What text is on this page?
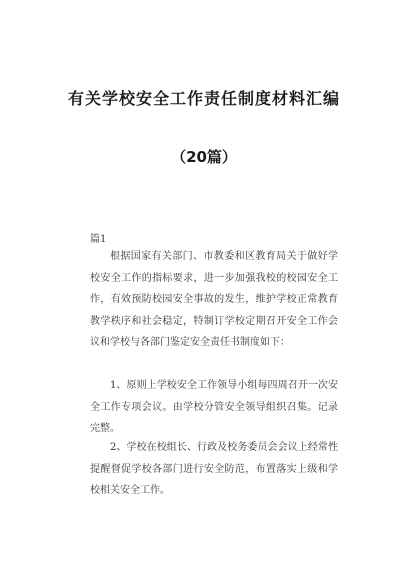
有关学校安全工作责任制度材料汇编
（20篇）
篇1

根据国家有关部门、市教委和区教育局关于做好学校安全工作的指标要求，进一步加强我校的校园安全工作，有效预防校园安全事故的发生，维护学校正常教育教学秩序和社会稳定，特制订学校定期召开安全工作会议和学校与各部门鉴定安全责任书制度如下：

1、原则上学校安全工作领导小组每四周召开一次安全工作专项会议。由学校分管安全领导组织召集。记录完整。

2、学校在校组长、行政及校务委员会会议上经常性提醒督促学校各部门进行安全防范，布置落实上级和学校相关安全工作。
